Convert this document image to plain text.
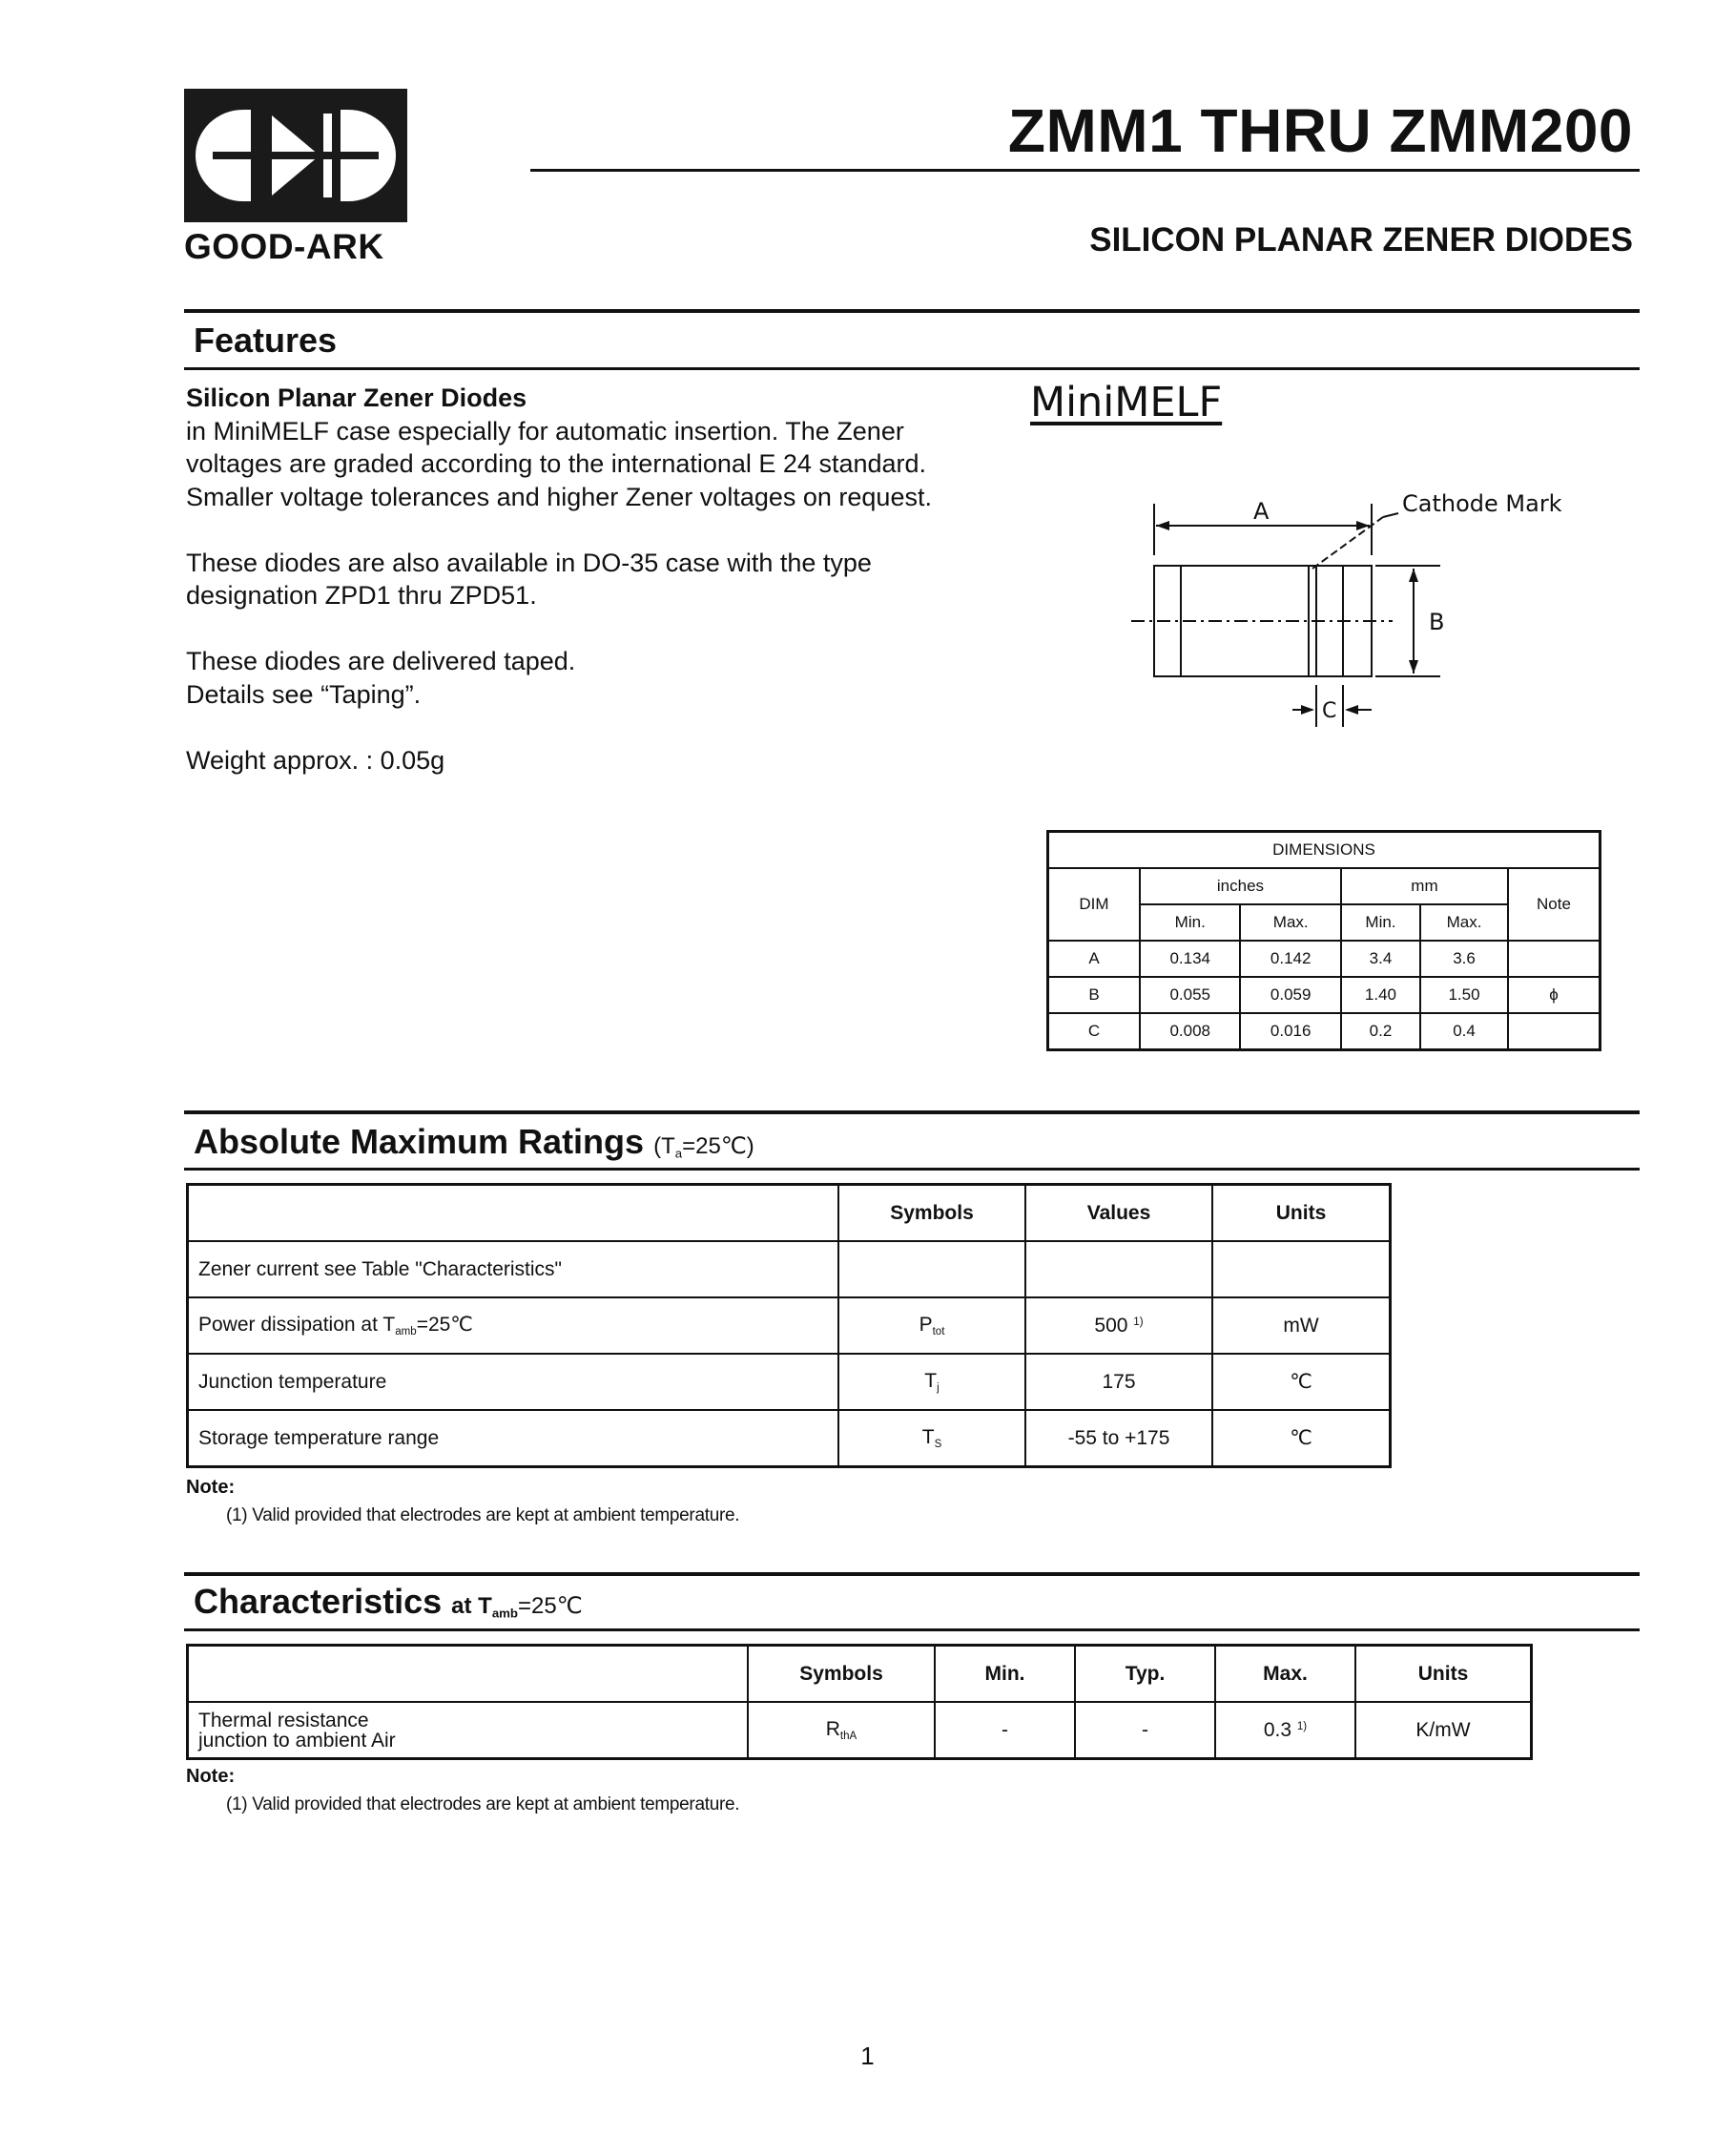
GOOD-ARK
ZMM1 THRU ZMM200
SILICON PLANAR ZENER DIODES
Features

Silicon Planar Zener Diodes

in MiniMELF case especially for automatic insertion. The Zener voltages are graded according to the international E 24 standard. Smaller voltage tolerances and higher Zener voltages on request.

These diodes are also available in DO-35 case with the type designation ZPD1 thru ZPD51.

These diodes are delivered taped.

Details see “Taping”.

Weight approx. : 0.05g

MiniMELF
A
B
C
Cathode Mark
DIMENSIONS					
DIM	inches		mm		Note
	Min.	Max.	Min.	Max.	
A	0.134	0.142	3.4	3.6	
B	0.055	0.059	1.40	1.50	ϕ
C	0.008	0.016	0.2	0.4	
Absolute Maximum Ratings $(T_a=25℃)$
	Symbols	Values	Units
Zener current see Table "Characteristics"			
Power dissipation at $T_{amb}=25℃$	$P_{tot}$	500 $^{1)}$	mW
Junction temperature	$T_j$	175	℃
Storage temperature range	$T_S$	-55 to +175	℃
Note:
(1) Valid provided that electrodes are kept at ambient temperature.
Characteristics at $T_{amb}=25℃$
	Symbols	Min.	Typ.	Max.	Units
Thermal resistance
junction to ambient Air	$R_{thA}$	-	-	0.3 $^{1)}$	K/mW
Note:
(1) Valid provided that electrodes are kept at ambient temperature.
1
